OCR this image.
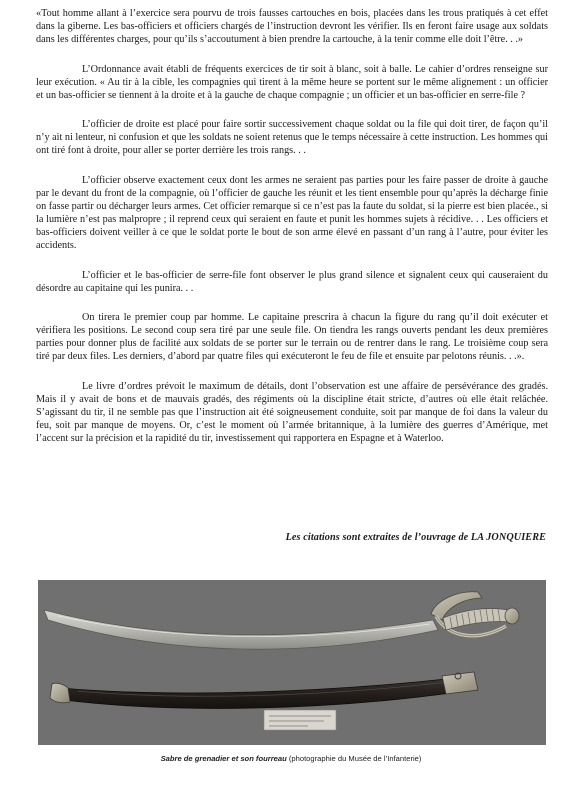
«Tout homme allant à l’exercice sera pourvu de trois fausses cartouches en bois, placées dans les trous pratiqués à cet effet dans la giberne. Les bas-officiers et officiers chargés de l’instruction devront les vérifier. Ils en feront faire usage aux soldats dans les différentes charges, pour qu’ils s’accoutument à bien prendre la cartouche, à la tenir comme elle doit l’être. . .»

L’Ordonnance avait établi de fréquents exercices de tir soit à blanc, soit à balle. Le cahier d’ordres renseigne sur leur exécution. « Au tir à la cible, les compagnies qui tirent à la même heure se portent sur le même alignement : un officier et un bas-officier se tiennent à la droite et à la gauche de chaque compagnie ; un officier et un bas-officier en serre-file ?

L’officier de droite est placé pour faire sortir successivement chaque soldat ou la file qui doit tirer, de façon qu’il n’y ait ni lenteur, ni confusion et que les soldats ne soient retenus que le temps nécessaire à cette instruction. Les hommes qui ont tiré font à droite, pour aller se porter derrière les trois rangs. . .

L’officier observe exactement ceux dont les armes ne seraient pas parties pour les faire passer de droite à gauche par le devant du front de la compagnie, où l’officier de gauche les réunit et les tient ensemble pour qu’après la décharge finie on fasse partir ou décharger leurs armes. Cet officier remarque si ce n’est pas la faute du soldat, si la pierre est bien placée., si la lumière n’est pas malpropre ; il reprend ceux qui seraient en faute et punit les hommes sujets à récidive. . . Les officiers et bas-officiers doivent veiller à ce que le soldat porte le bout de son arme élevé en passant d’un rang à l’autre, pour éviter les accidents.

L’officier et le bas-officier de serre-file font observer le plus grand silence et signalent ceux qui causeraient du désordre au capitaine qui les punira. . .

On tirera le premier coup par homme. Le capitaine prescrira à chacun la figure du rang qu’il doit exécuter et vérifiera les positions. Le second coup sera tiré par une seule file. On tiendra les rangs ouverts pendant les deux premières parties pour donner plus de facilité aux soldats de se porter sur le terrain ou de rentrer dans le rang. Le troisième coup sera tiré par deux files. Les derniers, d’abord par quatre files qui exécuteront le feu de file et ensuite par pelotons réunis. . .».

Le livre d’ordres prévoit le maximum de détails, dont l’observation est une affaire de persévérance des gradés. Mais il y avait de bons et de mauvais gradés, des régiments où la discipline était stricte, d’autres où elle était relâchée. S’agissant du tir, il ne semble pas que l’instruction ait été soigneusement conduite, soit par manque de foi dans la valeur du feu, soit par manque de moyens. Or, c’est le moment où l’armée britannique, à la lumière des guerres d’Amérique, met l’accent sur la précision et la rapidité du tir, investissement qui rapportera en Espagne et à Waterloo.

Les citations sont extraites de l’ouvrage de LA JONQUIERE
Sabre de grenadier et son fourreau (photographie du Musée de l’Infanterie)
